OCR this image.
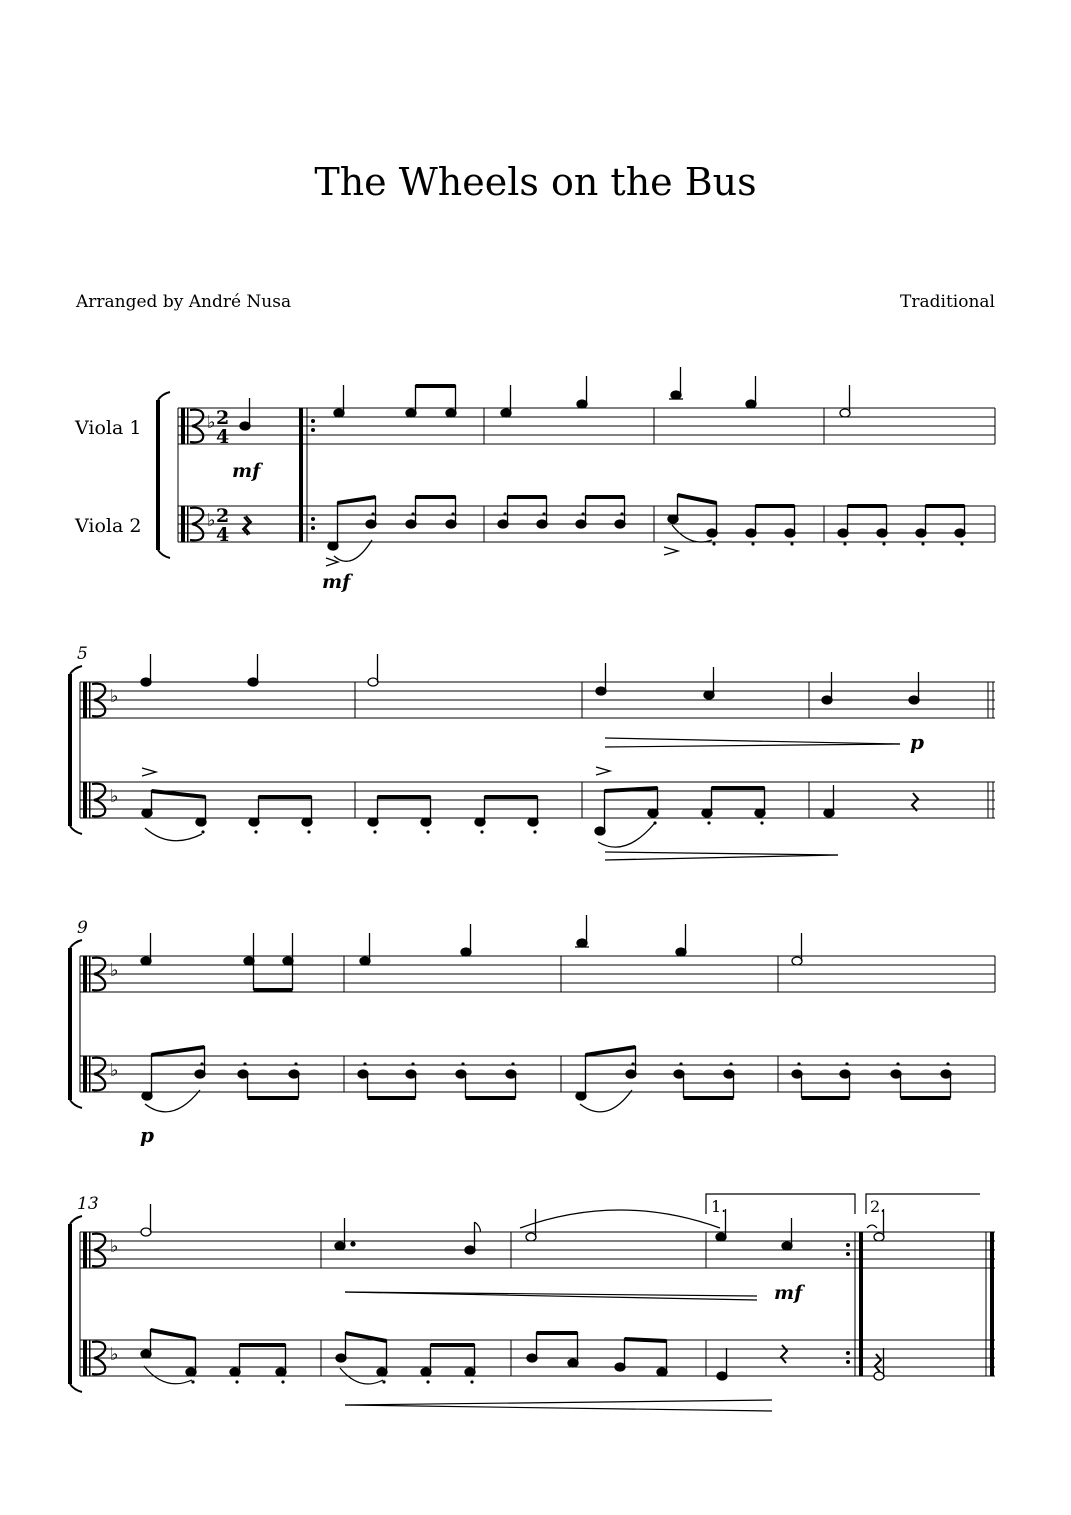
The Wheels on the Bus
Arranged by André Nusa	Traditional
Viola 1
Viola 2
♭
♭
2
4
2
4
mf
mf
5
♭
♭
p
9
♭
♭
p
13
♭
♭
1.	2.
mf
